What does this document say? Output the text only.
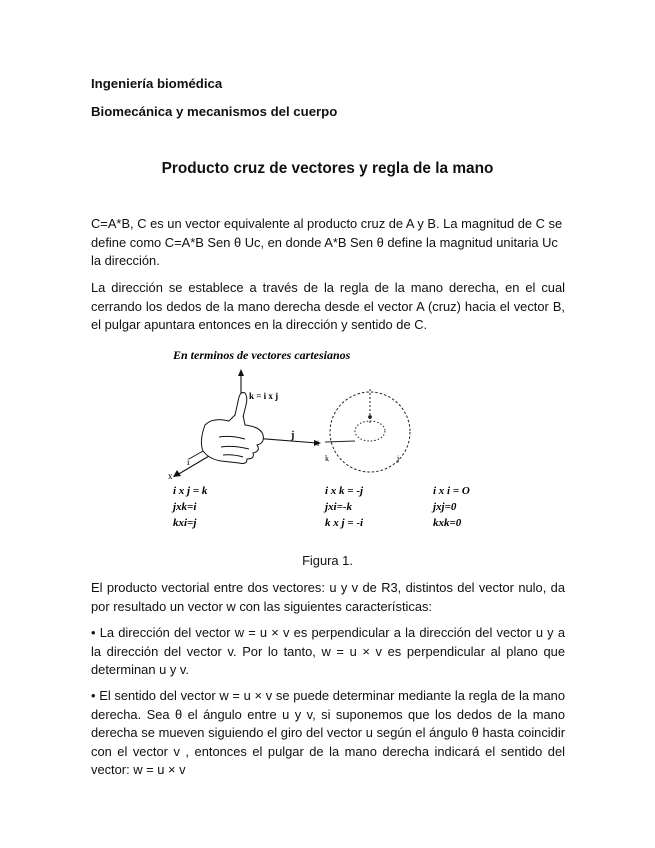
Ingeniería biomédica
Biomecánica y mecanismos del cuerpo
Producto cruz de vectores y regla de la mano

C=A*B, C es un vector equivalente al producto cruz de A y B. La magnitud de C se define como C=A*B Sen θ Uc, en donde A*B Sen θ define la magnitud unitaria Uc la dirección.

La dirección se establece a través de la regla de la mano derecha, en el cual cerrando los dedos de la mano derecha desde el vector A (cruz) hacia el vector B, el pulgar apuntara entonces en la dirección y sentido de C.

En terminos de vectores cartesianos
k = i x j
j
i
x
i
j
k
i x j = k
jxk=i
kxi=j
i x k = -j
jxi=-k
k x j = -i
i x i = O
jxj=0
kxk=0
Figura 1.

El producto vectorial entre dos vectores: u y v de R3, distintos del vector nulo, da por resultado un vector w con las siguientes características:

• La dirección del vector w = u × v es perpendicular a la dirección del vector u y a la dirección del vector v. Por lo tanto, w = u × v es perpendicular al plano que determinan u y v.

• El sentido del vector w = u × v se puede determinar mediante la regla de la mano derecha. Sea θ el ángulo entre u y v, si suponemos que los dedos de la mano derecha se mueven siguiendo el giro del vector u según el ángulo θ hasta coincidir con el vector v , entonces el pulgar de la mano derecha indicará el sentido del vector: w = u × v
